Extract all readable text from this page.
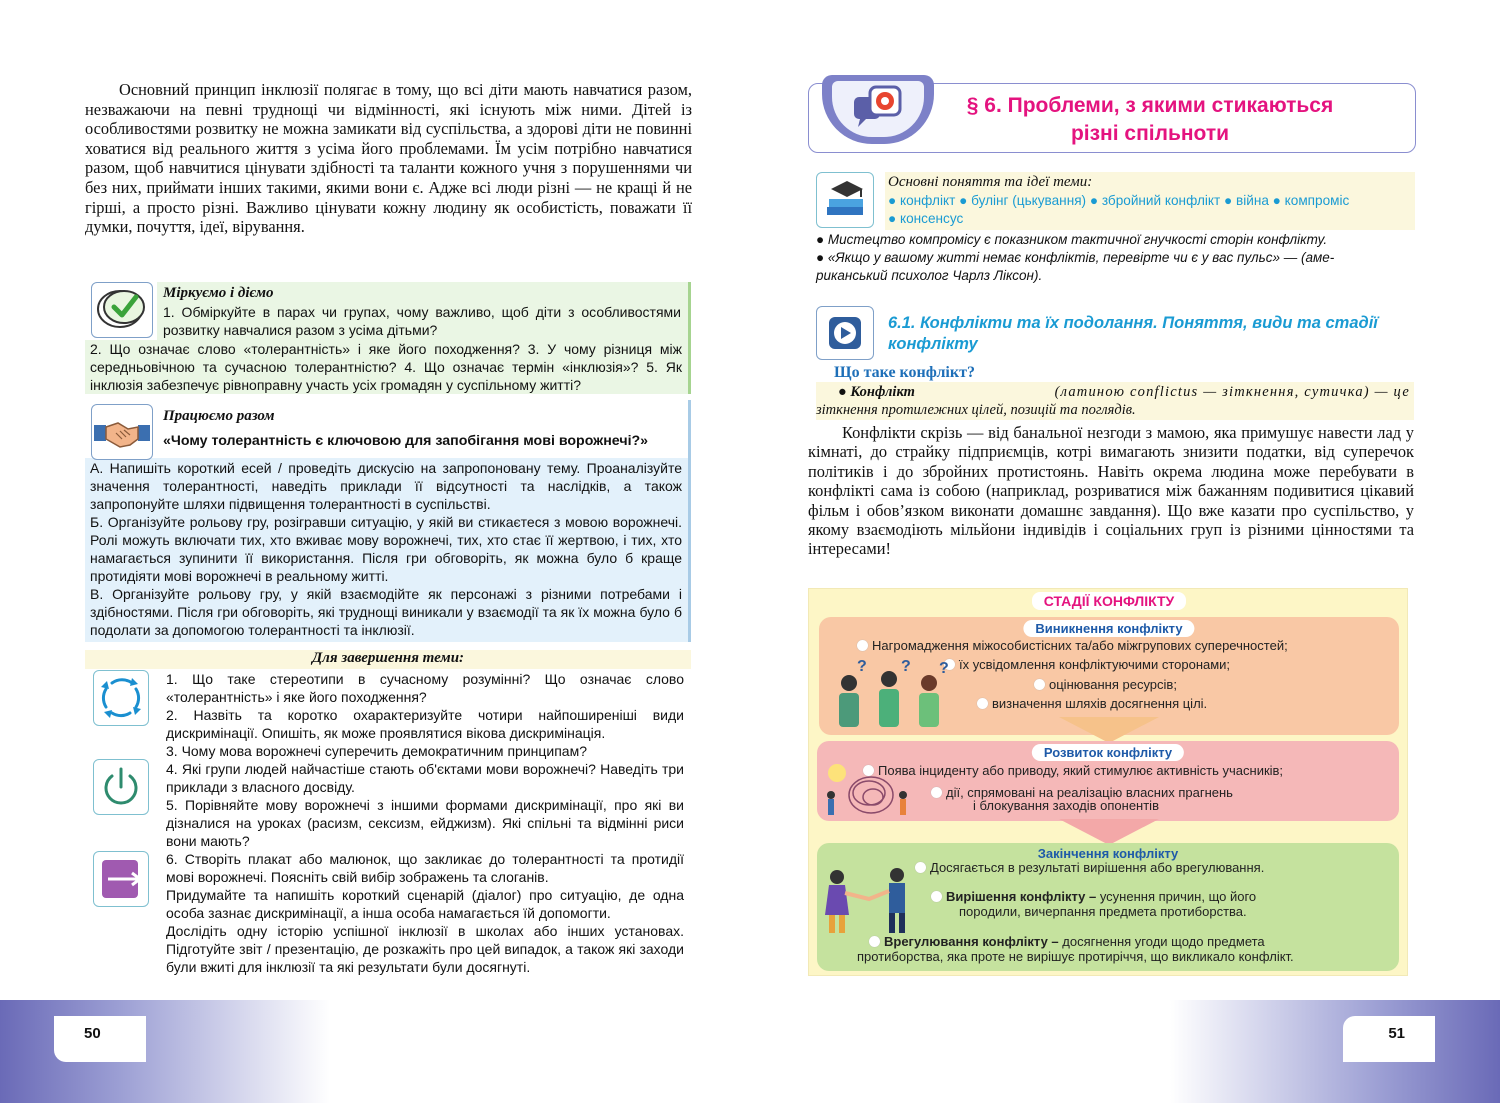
Основний принцип інклюзії полягає в тому, що всі діти мають навчатися разом, незважаючи на певні труднощі чи відмінності, які існують між ними. Дітей із особливостями розвитку не можна замикати від суспільства, а здорові діти не повинні ховатися від реального життя з усіма його проблемами. Їм усім потрібно навчатися разом, щоб навчитися цінувати здібності та таланти кожного учня з порушеннями чи без них, приймати інших такими, якими вони є. Адже всі люди різні — не кращі й не гірші, а просто різні. Важливо цінувати кожну людину як особистість, поважати її думки, почуття, ідеї, вірування.
Міркуємо і діємо
1. Обміркуйте в парах чи групах, чому важливо, щоб діти з особливостями розвитку навчалися разом з усіма дітьми?
2. Що означає слово «толерантність» і яке його походження? 3. У чому різниця між середньовічною та сучасною толерантністю? 4. Що означає термін «інклюзія»? 5. Як інклюзія забезпечує рівноправну участь усіх громадян у суспільному житті?
Працюємо разом
«Чому толерантність є ключовою для запобігання мові ворожнечі?»
А. Напишіть короткий есей / проведіть дискусію на запропоновану тему. Проаналізуйте значення толерантності, наведіть приклади її відсутності та наслідків, а також запропонуйте шляхи підвищення толерантності в суспільстві.
Б. Організуйте рольову гру, розігравши ситуацію, у якій ви стикаєтеся з мовою ворожнечі. Ролі можуть включати тих, хто вживає мову ворожнечі, тих, хто стає її жертвою, і тих, хто намагається зупинити її використання. Після гри обговоріть, як можна було б краще протидіяти мові ворожнечі в реальному житті.
В. Організуйте рольову гру, у якій взаємодійте як персонажі з різними потребами і здібностями. Після гри обговоріть, які труднощі виникали у взаємодії та як їх можна було б подолати за допомогою толерантності та інклюзії.
Для завершення теми:
1. Що таке стереотипи в сучасному розумінні? Що означає слово «толерантність» і яке його походження?
2. Назвіть та коротко охарактеризуйте чотири найпоширеніші види дискримінації. Опишіть, як може проявлятися вікова дискримінація.
3. Чому мова ворожнечі суперечить демократичним принципам?
4. Які групи людей найчастіше стають об'єктами мови ворожнечі? Наведіть три приклади з власного досвіду.
5. Порівняйте мову ворожнечі з іншими формами дискримінації, про які ви дізналися на уроках (расизм, сексизм, ейджизм). Які спільні та відмінні риси вони мають?
6. Створіть плакат або малюнок, що закликає до толерантності та протидії мові ворожнечі. Поясніть свій вибір зображень та слоганів.
Придумайте та напишіть короткий сценарій (діалог) про ситуацію, де одна особа зазнає дискримінації, а інша особа намагається їй допомогти.
Дослідіть одну історію успішної інклюзії в школах або інших установах. Підготуйте звіт / презентацію, де розкажіть про цей випадок, а також які заходи були вжиті для інклюзії та які результати були досягнуті.
§ 6. Проблеми, з якими стикаються
різні спільноти
Основні поняття та ідеї теми:
● конфлікт ● булінг (цькування) ● збройний конфлікт ● війна ● компроміс
● консенсус
● Мистецтво компромісу є показником тактичної гнучкості сторін конфлікту.
● «Якщо у вашому житті немає конфліктів, перевірте чи є у вас пульс» — (аме-
риканський психолог Чарлз Ліксон).
6.1. Конфлікти та їх подолання. Поняття, види та стадії конфлікту
Що таке конфлікт?
● Конфлікт	(латиною conflictus — зіткнення, сутичка) — це
зіткнення протилежних цілей, позицій та поглядів.
Конфлікти скрізь — від банальної незгоди з мамою, яка примушує навести лад у кімнаті, до страйку підприємців, котрі вимагають знизити податки, від суперечок політиків і до збройних протистоянь. Навіть окрема людина може перебувати в конфлікті сама із собою (наприклад, розриватися між бажанням подивитися цікавий фільм і обов’язком виконати домашнє завдання). Що вже казати про суспільство, у якому взаємодіють мільйони індивідів і соціальних груп із різними цінностями та інтересами!
СТАДІЇ КОНФЛІКТУ
Виникнення конфлікту
Нагромадження міжособистісних та/або міжгрупових суперечностей;
їх усвідомлення конфліктуючими сторонами;
оцінювання ресурсів;
визначення шляхів досягнення цілі.
? ? ?
Розвиток конфлікту
Поява інциденту або приводу, який стимулює активність учасників;
дії, спрямовані на реалізацію власних прагнень
і блокування заходів опонентів
Закінчення конфлікту
Досягається в результаті вирішення або врегулювання.
Вирішення конфлікту – усунення причин, що його
породили, вичерпання предмета протиборства.
Врегулювання конфлікту – досягнення угоди щодо предмета
протиборства, яка проте не вирішує протиріччя, що викликало конфлікт.
50	51
